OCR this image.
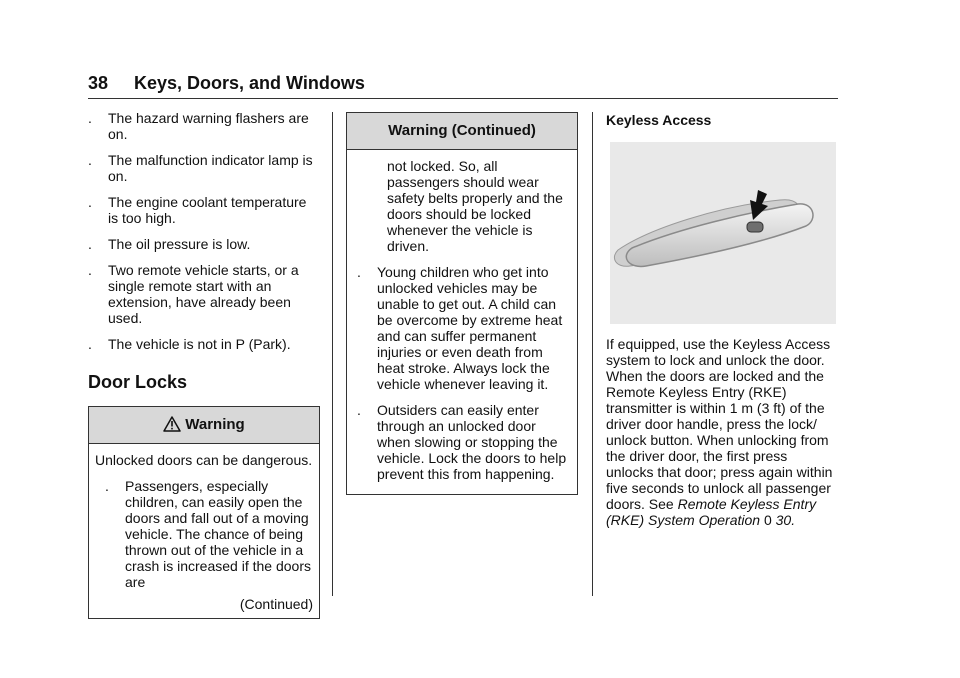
38 Keys, Doors, and Windows
. The hazard warning flashers are on.
. The malfunction indicator lamp is on.
. The engine coolant temperature is too high.
. The oil pressure is low.
. Two remote vehicle starts, or a single remote start with an extension, have already been used.
. The vehicle is not in P (Park).
Door Locks
Warning
Unlocked doors can be dangerous.
. Passengers, especially children, can easily open the doors and fall out of a moving vehicle. The chance of being thrown out of the vehicle in a crash is increased if the doors are
(Continued)
Warning (Continued)
not locked. So, all passengers should wear safety belts properly and the doors should be locked whenever the vehicle is driven.
. Young children who get into unlocked vehicles may be unable to get out. A child can be overcome by extreme heat and can suffer permanent injuries or even death from heat stroke. Always lock the vehicle whenever leaving it.
. Outsiders can easily enter through an unlocked door when slowing or stopping the vehicle. Lock the doors to help prevent this from happening.
Keyless Access

If equipped, use the Keyless Access system to lock and unlock the door. When the doors are locked and the Remote Keyless Entry (RKE) transmitter is within 1 m (3 ft) of the driver door handle, press the lock/ unlock button. When unlocking from the driver door, the first press unlocks that door; press again within five seconds to unlock all passenger doors. See Remote Keyless Entry (RKE) System Operation 0 30.
